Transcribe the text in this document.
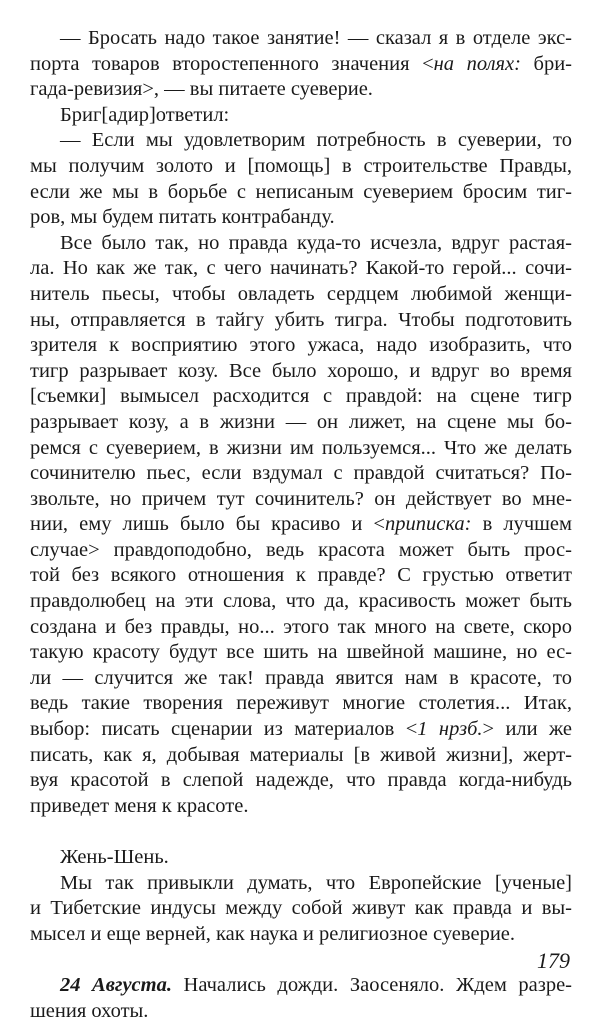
— Бросать надо такое занятие! — сказал я в отделе экс-
порта товаров второстепенного значения <на полях: бри-
гада-ревизия>, — вы питаете суеверие.
Бриг[адир]ответил:
— Если мы удовлетворим потребность в суеверии, то
мы получим золото и [помощь] в строительстве Правды,
если же мы в борьбе с неписаным суеверием бросим тиг-
ров, мы будем питать контрабанду.
Все было так, но правда куда-то исчезла, вдруг растая-
ла. Но как же так, с чего начинать? Какой-то герой... сочи-
нитель пьесы, чтобы овладеть сердцем любимой женщи-
ны, отправляется в тайгу убить тигра. Чтобы подготовить
зрителя к восприятию этого ужаса, надо изобразить, что
тигр разрывает козу. Все было хорошо, и вдруг во время
[съемки] вымысел расходится с правдой: на сцене тигр
разрывает козу, а в жизни — он лижет, на сцене мы бо-
ремся с суеверием, в жизни им пользуемся... Что же делать
сочинителю пьес, если вздумал с правдой считаться? По-
звольте, но причем тут сочинитель? он действует во мне-
нии, ему лишь было бы красиво и <приписка: в лучшем
случае> правдоподобно, ведь красота может быть прос-
той без всякого отношения к правде? С грустью ответит
правдолюбец на эти слова, что да, красивость может быть
создана и без правды, но... этого так много на свете, скоро
такую красоту будут все шить на швейной машине, но ес-
ли — случится же так! правда явится нам в красоте, то
ведь такие творения переживут многие столетия... Итак,
выбор: писать сценарии из материалов <1 нрзб.> или же
писать, как я, добывая материалы [в живой жизни], жерт-
вуя красотой в слепой надежде, что правда когда-нибудь
приведет меня к красоте.
Жень-Шень.
Мы так привыкли думать, что Европейские [ученые]
и Тибетские индусы между собой живут как правда и вы-
мысел и еще верней, как наука и религиозное суеверие.
24 Августа. Начались дожди. Заосеняло. Ждем разре-
шения охоты.
179
